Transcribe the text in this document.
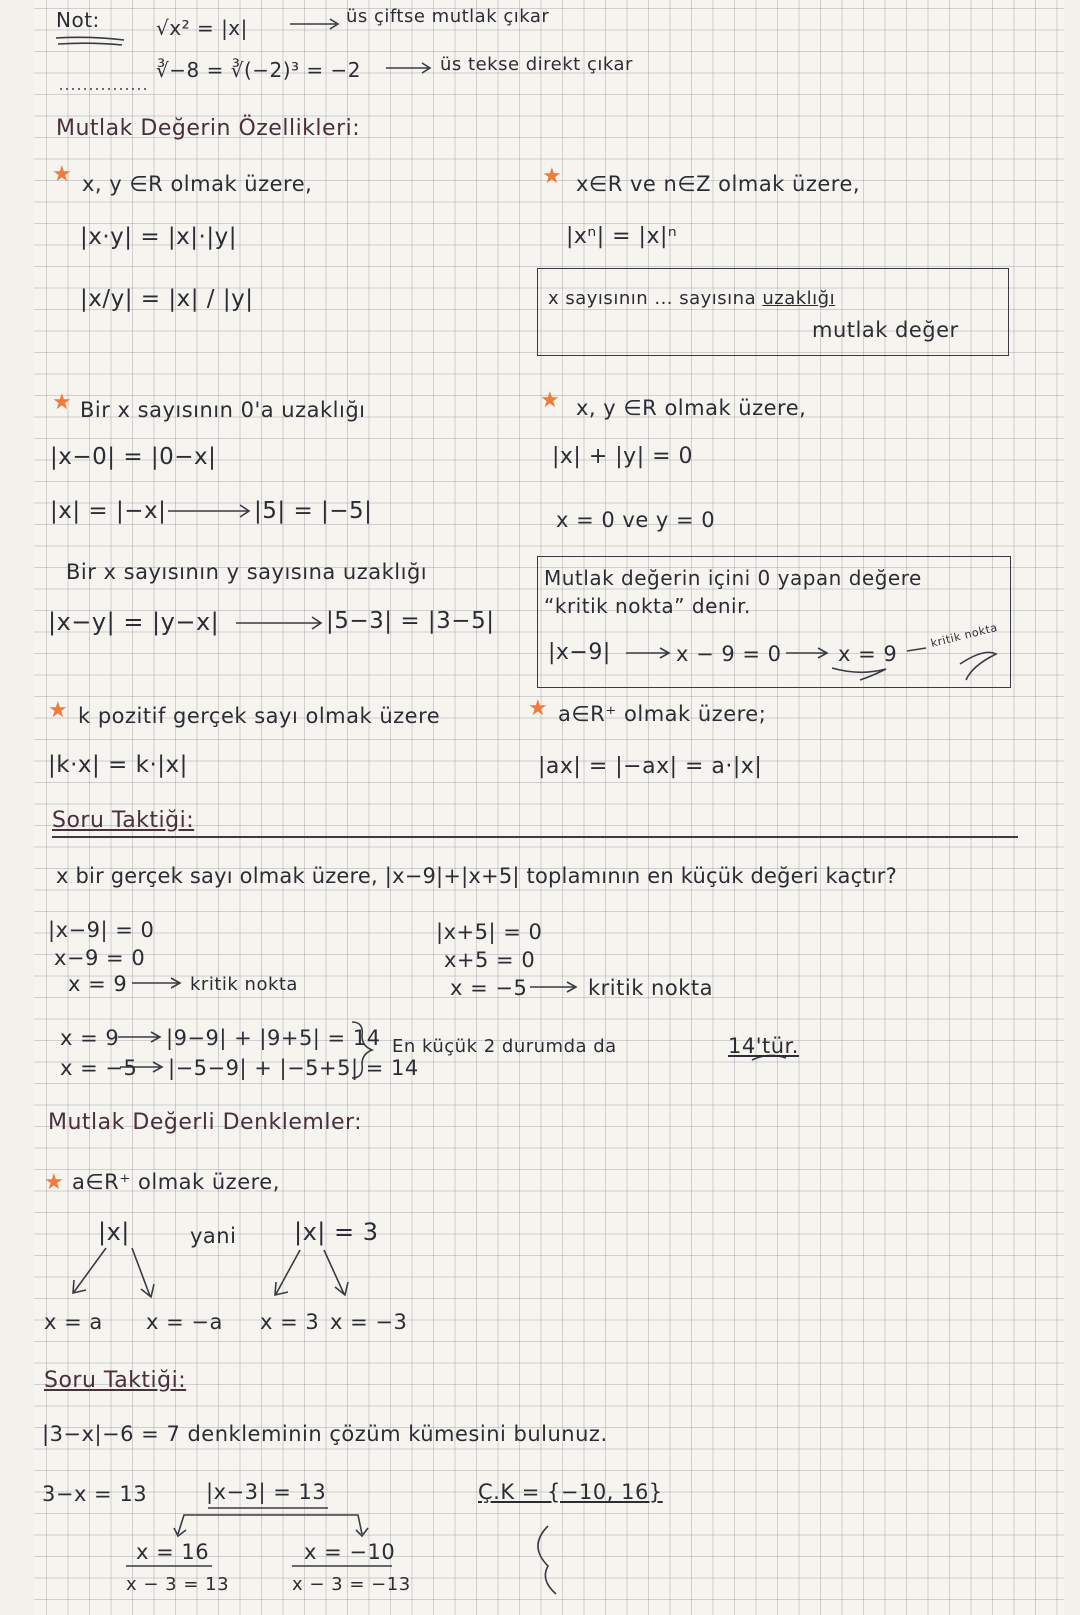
Not:	√x² = |x|	üs çiftse mutlak çıkar
∛−8 = ∛(−2)³ = −2	üs tekse direkt çıkar
Mutlak Değerin Özellikleri:
★ x, y ∈R olmak üzere,
|x·y| = |x|·|y|
|x/y| = |x| / |y|
★ Bir x sayısının 0'a uzaklığı
|x−0| = |0−x|
|x| = |−x|	|5| = |−5|
Bir x sayısının y sayısına uzaklığı
|x−y| = |y−x|	|5−3| = |3−5|
★ k pozitif gerçek sayı olmak üzere
|k·x| = k·|x|
★ x∈R ve n∈Z olmak üzere,
|xⁿ| = |x|ⁿ
x sayısının ... sayısına uzaklığı
mutlak değer
★ x, y ∈R olmak üzere,
|x| + |y| = 0
x = 0 ve y = 0
Mutlak değerin içini 0 yapan değere
“kritik nokta” denir.
|x−9|	x − 9 = 0	x = 9
kritik nokta
★ a∈R⁺ olmak üzere;
|ax| = |−ax| = a·|x|
Soru Taktiği:
x bir gerçek sayı olmak üzere, |x−9|+|x+5| toplamının en küçük değeri kaçtır?
|x−9| = 0
x−9 = 0
x = 9	kritik nokta
|x+5| = 0
x+5 = 0
x = −5	kritik nokta
x = 9 |9−9| + |9+5| = 14
x = −5 |−5−9| + |−5+5| = 14
En küçük 2 durumda da	14'tür.
Mutlak Değerli Denklemler:
★ a∈R⁺ olmak üzere,
|x|	yani |x| = 3
x = a x = −a x = 3 x = −3
Soru Taktiği:
|3−x|−6 = 7 denkleminin çözüm kümesini bulunuz.
3−x = 13	|x−3| = 13	Ç.K = {−10, 16}
x = 16
x − 3 = 13
x = −10
x − 3 = −13
